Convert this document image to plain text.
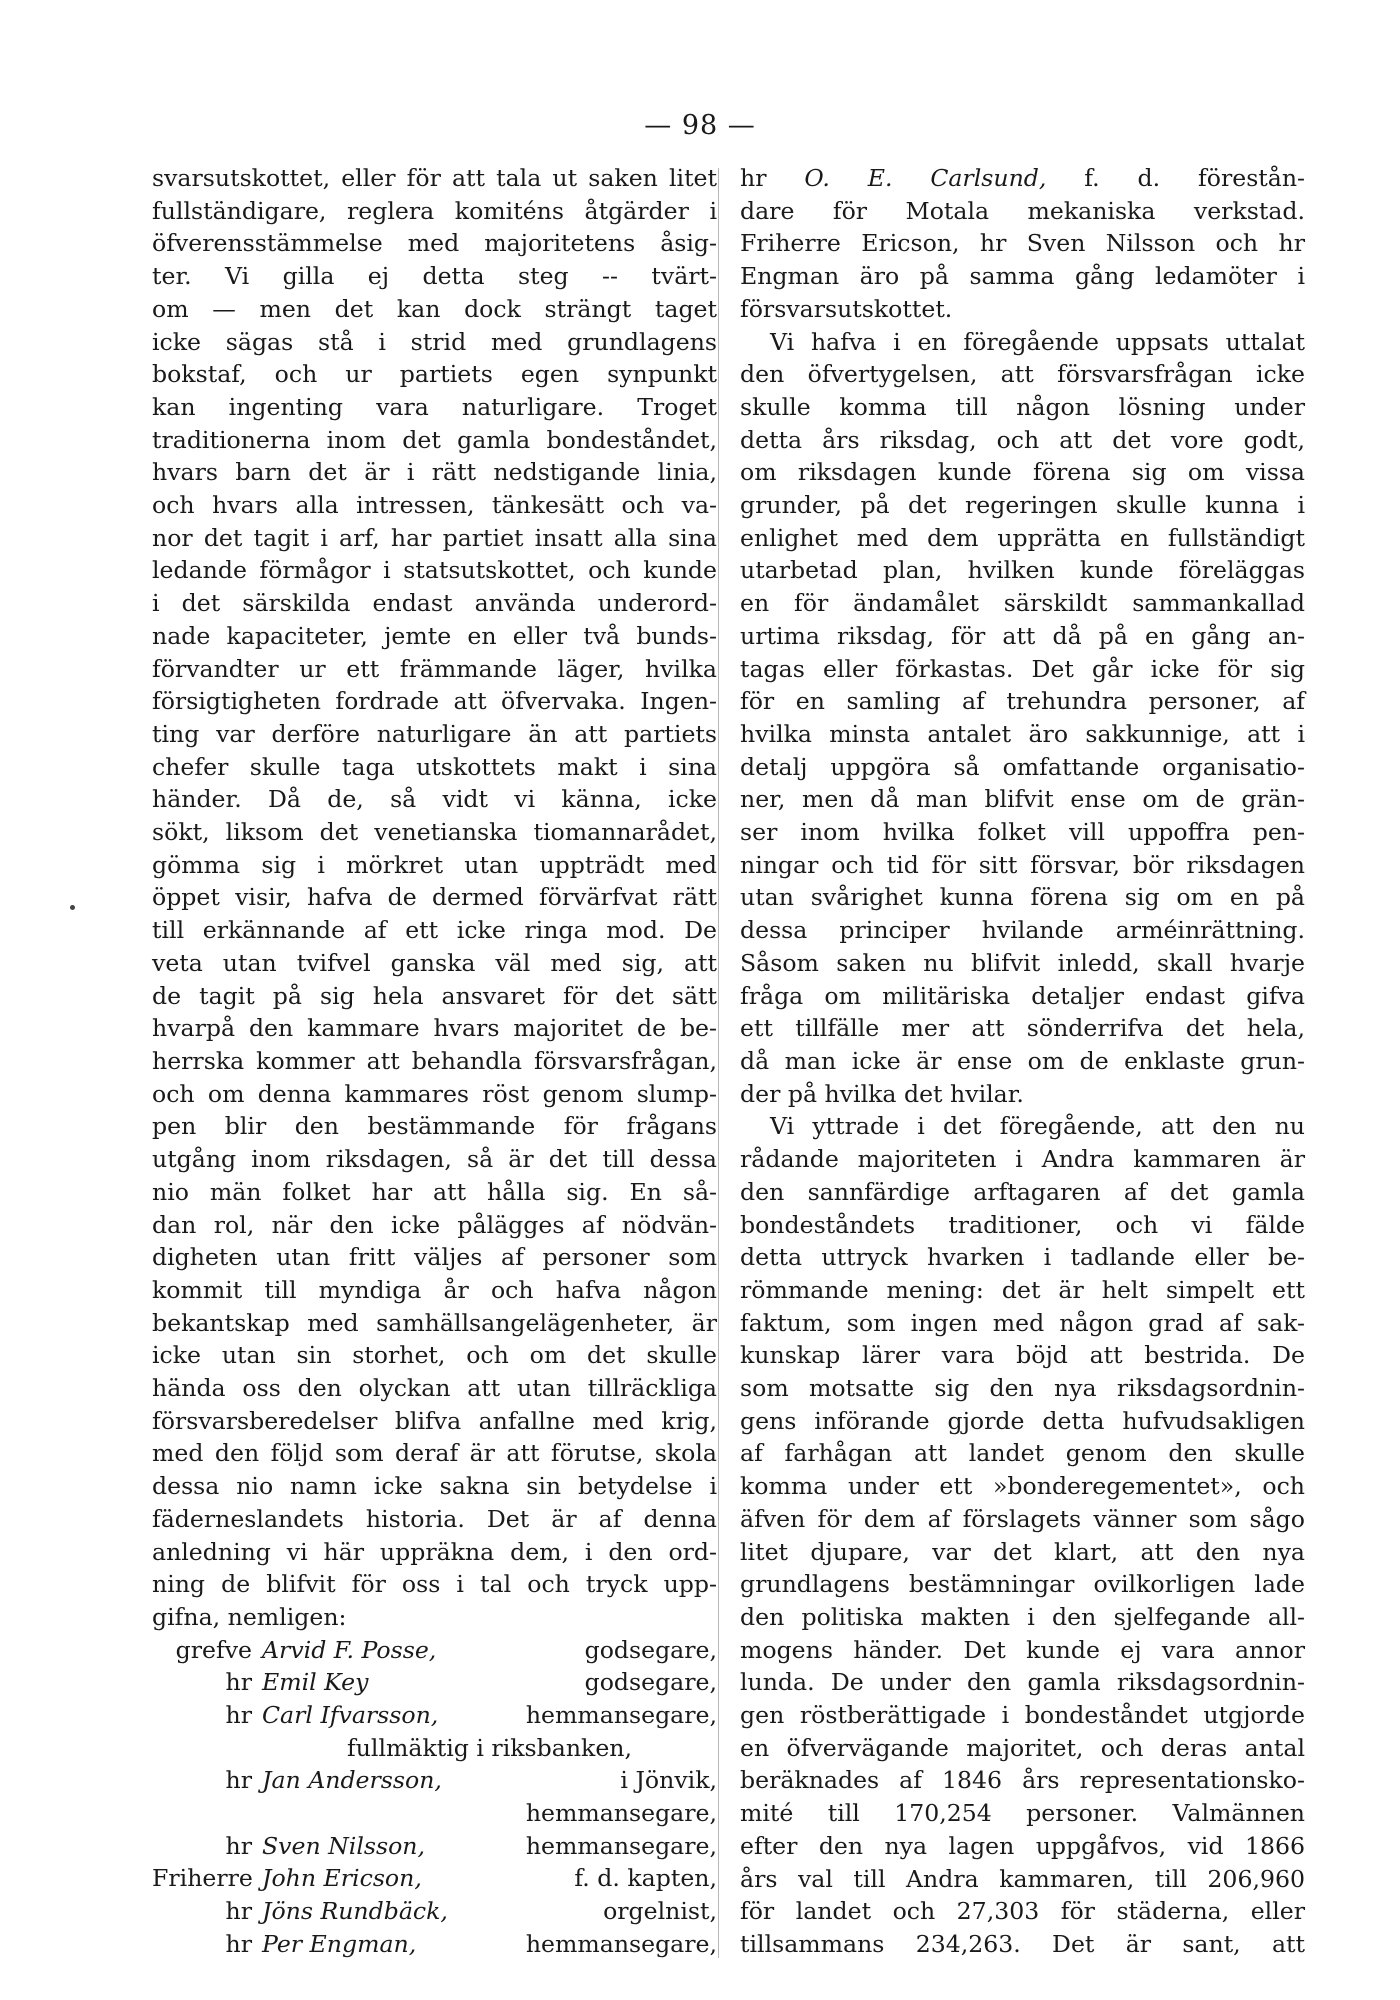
— 98 —
svarsutskottet, eller för att tala ut saken litet
fullständigare, reglera komiténs åtgärder i
öfverensstämmelse med majoritetens åsig-
ter. Vi gilla ej detta steg -- tvärt-
om — men det kan dock strängt taget
icke sägas stå i strid med grundlagens
bokstaf, och ur partiets egen synpunkt
kan ingenting vara naturligare. Troget
traditionerna inom det gamla bondeståndet,
hvars barn det är i rätt nedstigande linia,
och hvars alla intressen, tänkesätt och va-
nor det tagit i arf, har partiet insatt alla sina
ledande förmågor i statsutskottet, och kunde
i det särskilda endast använda underord-
nade kapaciteter, jemte en eller två bunds-
förvandter ur ett främmande läger, hvilka
försigtigheten fordrade att öfvervaka. Ingen-
ting var derföre naturligare än att partiets
chefer skulle taga utskottets makt i sina
händer. Då de, så vidt vi känna, icke
sökt, liksom det venetianska tiomannarådet,
gömma sig i mörkret utan uppträdt med
öppet visir, hafva de dermed förvärfvat rätt
till erkännande af ett icke ringa mod. De
veta utan tvifvel ganska väl med sig, att
de tagit på sig hela ansvaret för det sätt
hvarpå den kammare hvars majoritet de be-
herrska kommer att behandla försvarsfrågan,
och om denna kammares röst genom slump-
pen blir den bestämmande för frågans
utgång inom riksdagen, så är det till dessa
nio män folket har att hålla sig. En så-
dan rol, när den icke pålägges af nödvän-
digheten utan fritt väljes af personer som
kommit till myndiga år och hafva någon
bekantskap med samhällsangelägenheter, är
icke utan sin storhet, och om det skulle
hända oss den olyckan att utan tillräckliga
försvarsberedelser blifva anfallne med krig,
med den följd som deraf är att förutse, skola
dessa nio namn icke sakna sin betydelse i
fäderneslandets historia. Det är af denna
anledning vi här uppräkna dem, i den ord-
ning de blifvit för oss i tal och tryck upp-
gifna, nemligen:
grefve Arvid F. Posse,	godsegare,
hr Emil Key	godsegare,
hr Carl Ifvarsson,	hemmansegare,
fullmäktig i riksbanken,
hr Jan Andersson,	i Jönvik,
hemmansegare,
hr Sven Nilsson,	hemmansegare,
Friherre John Ericson,	f. d. kapten,
hr Jöns Rundbäck,	orgelnist,
hr Per Engman,	hemmansegare,
hr O. E. Carlsund, f. d. förestån-
dare för Motala mekaniska verkstad.
Friherre Ericson, hr Sven Nilsson och hr
Engman äro på samma gång ledamöter i
försvarsutskottet.
Vi hafva i en föregående uppsats uttalat
den öfvertygelsen, att försvarsfrågan icke
skulle komma till någon lösning under
detta års riksdag, och att det vore godt,
om riksdagen kunde förena sig om vissa
grunder, på det regeringen skulle kunna i
enlighet med dem upprätta en fullständigt
utarbetad plan, hvilken kunde föreläggas
en för ändamålet särskildt sammankallad
urtima riksdag, för att då på en gång an-
tagas eller förkastas. Det går icke för sig
för en samling af trehundra personer, af
hvilka minsta antalet äro sakkunnige, att i
detalj uppgöra så omfattande organisatio-
ner, men då man blifvit ense om de grän-
ser inom hvilka folket vill uppoffra pen-
ningar och tid för sitt försvar, bör riksdagen
utan svårighet kunna förena sig om en på
dessa principer hvilande arméinrättning.
Såsom saken nu blifvit inledd, skall hvarje
fråga om militäriska detaljer endast gifva
ett tillfälle mer att sönderrifva det hela,
då man icke är ense om de enklaste grun-
der på hvilka det hvilar.
Vi yttrade i det föregående, att den nu
rådande majoriteten i Andra kammaren är
den sannfärdige arftagaren af det gamla
bondeståndets traditioner, och vi fälde
detta uttryck hvarken i tadlande eller be-
römmande mening: det är helt simpelt ett
faktum, som ingen med någon grad af sak-
kunskap lärer vara böjd att bestrida. De
som motsatte sig den nya riksdagsordnin-
gens införande gjorde detta hufvudsakligen
af farhågan att landet genom den skulle
komma under ett »bonderegementet», och
äfven för dem af förslagets vänner som sågo
litet djupare, var det klart, att den nya
grundlagens bestämningar ovilkorligen lade
den politiska makten i den sjelfegande all-
mogens händer. Det kunde ej vara annor
lunda. De under den gamla riksdagsordnin-
gen röstberättigade i bondeståndet utgjorde
en öfvervägande majoritet, och deras antal
beräknades af 1846 års representationsko-
mité till 170,254 personer. Valmännen
efter den nya lagen uppgåfvos, vid 1866
års val till Andra kammaren, till 206,960
för landet och 27,303 för städerna, eller
tillsammans 234,263. Det är sant, att
